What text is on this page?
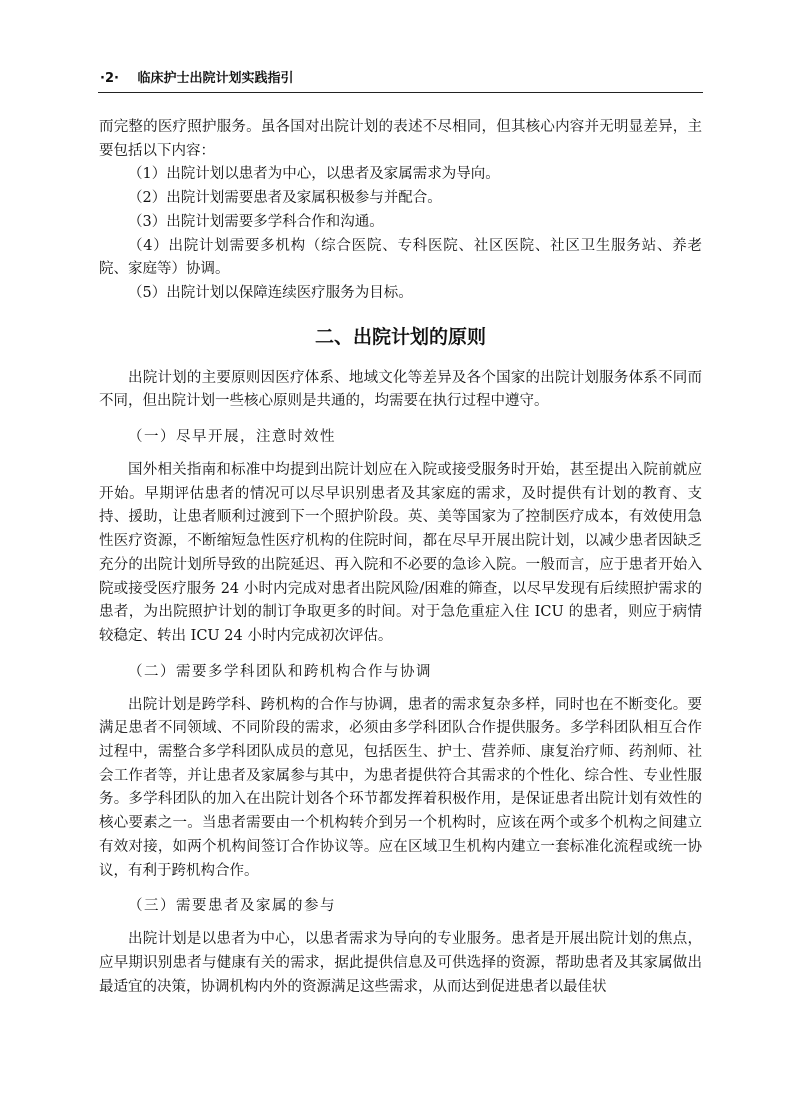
·2· 临床护士出院计划实践指引

而完整的医疗照护服务。虽各国对出院计划的表述不尽相同，但其核心内容并无明显差异，主要包括以下内容：

（1）出院计划以患者为中心，以患者及家属需求为导向。

（2）出院计划需要患者及家属积极参与并配合。

（3）出院计划需要多学科合作和沟通。

（4）出院计划需要多机构（综合医院、专科医院、社区医院、社区卫生服务站、养老院、家庭等）协调。

（5）出院计划以保障连续医疗服务为目标。

二、出院计划的原则

出院计划的主要原则因医疗体系、地域文化等差异及各个国家的出院计划服务体系不同而不同，但出院计划一些核心原则是共通的，均需要在执行过程中遵守。

（一）尽早开展，注意时效性

国外相关指南和标准中均提到出院计划应在入院或接受服务时开始，甚至提出入院前就应开始。早期评估患者的情况可以尽早识别患者及其家庭的需求，及时提供有计划的教育、支持、援助，让患者顺利过渡到下一个照护阶段。英、美等国家为了控制医疗成本，有效使用急性医疗资源，不断缩短急性医疗机构的住院时间，都在尽早开展出院计划，以减少患者因缺乏充分的出院计划所导致的出院延迟、再入院和不必要的急诊入院。一般而言，应于患者开始入院或接受医疗服务 24 小时内完成对患者出院风险/困难的筛查，以尽早发现有后续照护需求的患者，为出院照护计划的制订争取更多的时间。对于急危重症入住 ICU 的患者，则应于病情较稳定、转出 ICU 24 小时内完成初次评估。

（二）需要多学科团队和跨机构合作与协调

出院计划是跨学科、跨机构的合作与协调，患者的需求复杂多样，同时也在不断变化。要满足患者不同领域、不同阶段的需求，必须由多学科团队合作提供服务。多学科团队相互合作过程中，需整合多学科团队成员的意见，包括医生、护士、营养师、康复治疗师、药剂师、社会工作者等，并让患者及家属参与其中，为患者提供符合其需求的个性化、综合性、专业性服务。多学科团队的加入在出院计划各个环节都发挥着积极作用，是保证患者出院计划有效性的核心要素之一。当患者需要由一个机构转介到另一个机构时，应该在两个或多个机构之间建立有效对接，如两个机构间签订合作协议等。应在区域卫生机构内建立一套标准化流程或统一协议，有利于跨机构合作。

（三）需要患者及家属的参与

出院计划是以患者为中心，以患者需求为导向的专业服务。患者是开展出院计划的焦点，应早期识别患者与健康有关的需求，据此提供信息及可供选择的资源，帮助患者及其家属做出最适宜的决策，协调机构内外的资源满足这些需求，从而达到促进患者以最佳状
